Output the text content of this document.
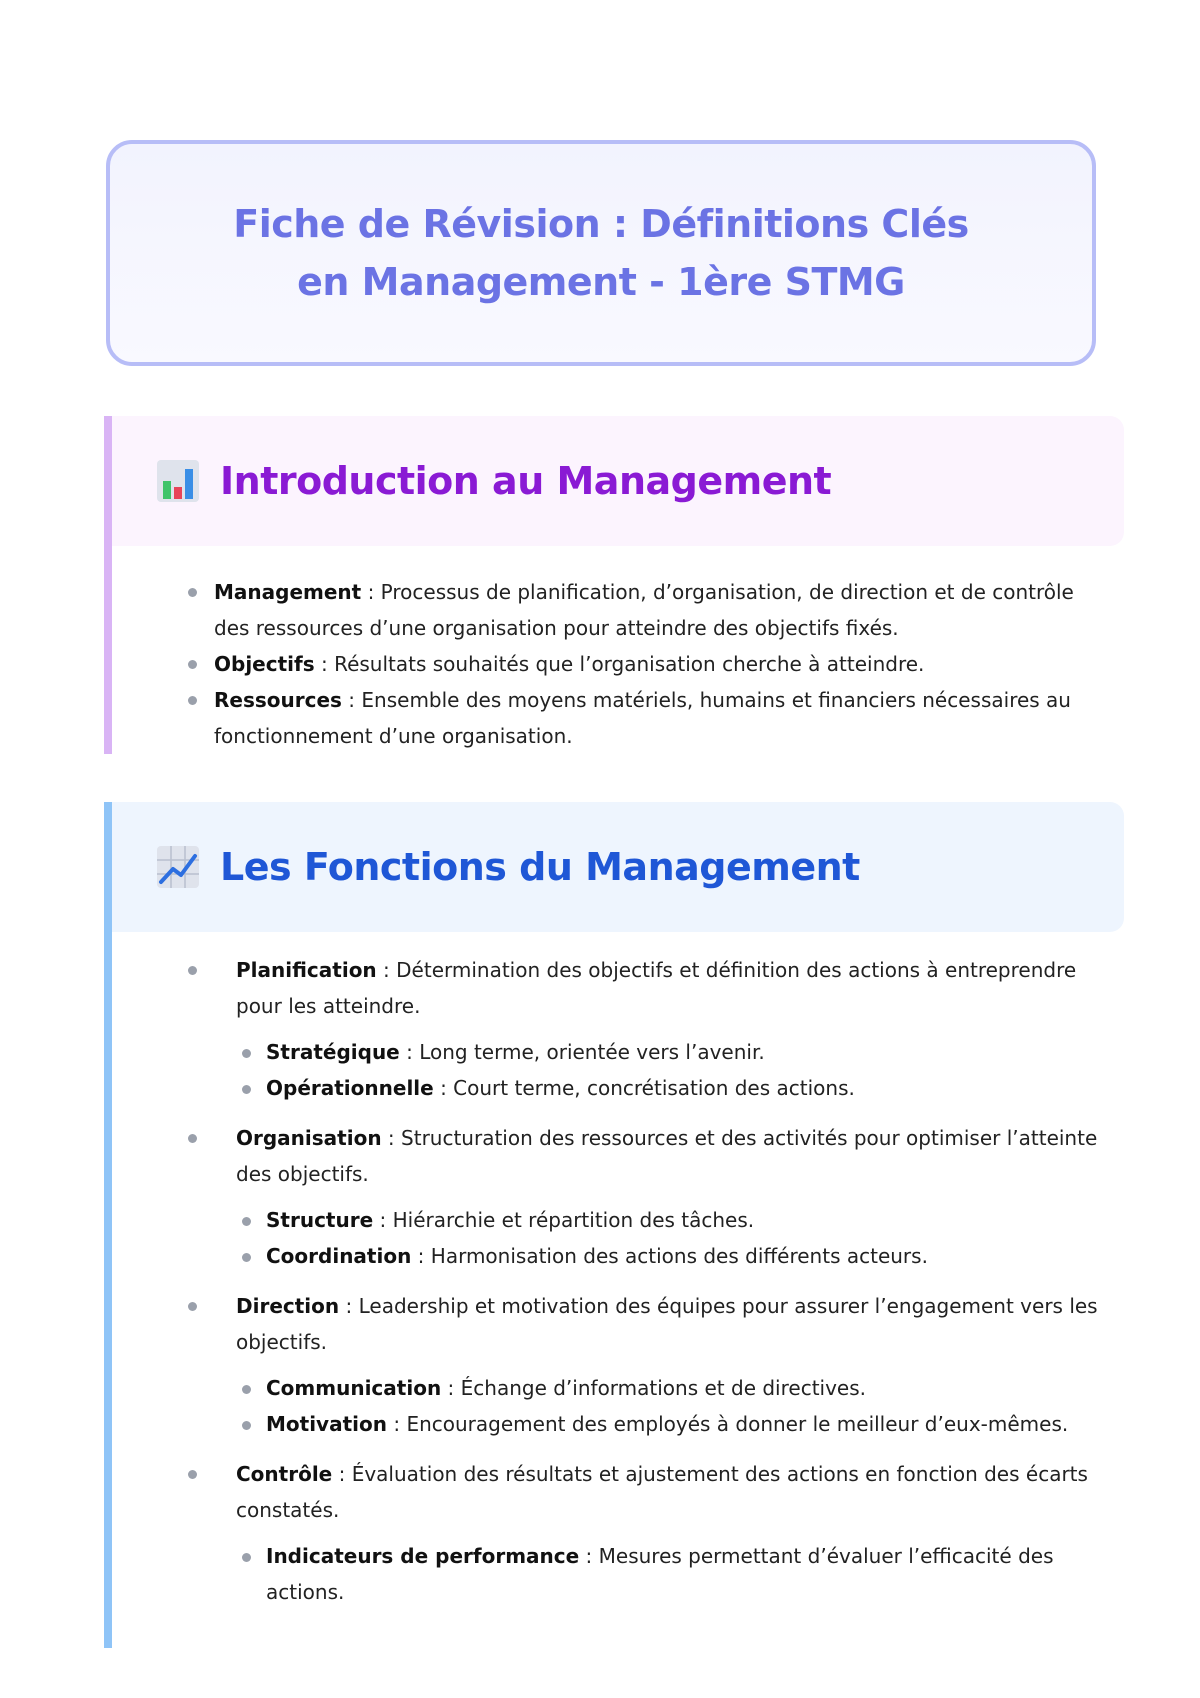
Fiche de Révision : Définitions Clés en Management - 1ère STMG
Introduction au Management
Management : Processus de planification, d’organisation, de direction et de contrôle des ressources d’une organisation pour atteindre des objectifs fixés.
Objectifs : Résultats souhaités que l’organisation cherche à atteindre.
Ressources : Ensemble des moyens matériels, humains et financiers nécessaires au fonctionnement d’une organisation.
Les Fonctions du Management
Planification : Détermination des objectifs et définition des actions à entreprendre pour les atteindre.
Stratégique : Long terme, orientée vers l’avenir.
Opérationnelle : Court terme, concrétisation des actions.
Organisation : Structuration des ressources et des activités pour optimiser l’atteinte des objectifs.
Structure : Hiérarchie et répartition des tâches.
Coordination : Harmonisation des actions des différents acteurs.
Direction : Leadership et motivation des équipes pour assurer l’engagement vers les objectifs.
Communication : Échange d’informations et de directives.
Motivation : Encouragement des employés à donner le meilleur d’eux-mêmes.
Contrôle : Évaluation des résultats et ajustement des actions en fonction des écarts constatés.
Indicateurs de performance : Mesures permettant d’évaluer l’efficacité des actions.
